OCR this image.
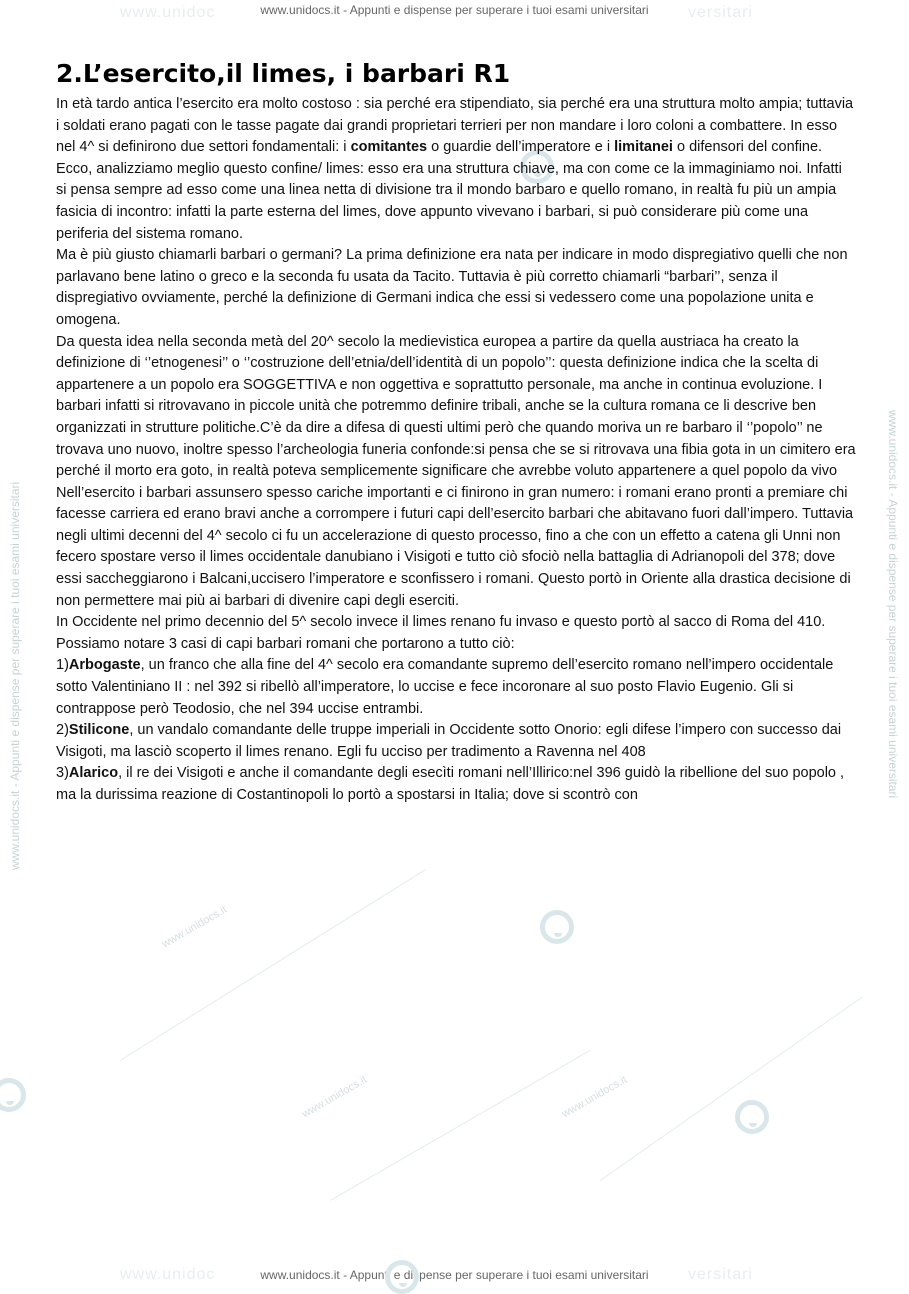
www.unidoc	versitari
www.unidocs.it - Appunti e dispense per superare i tuoi esami universitari
www.unidoc	versitari
www.unidocs.it - Appunti e dispense per superare i tuoi esami universitari
www.unidocs.it - Appunti e dispense per superare i tuoi esami universitari	www.unidocs.it - Appunti e dispense per superare i tuoi esami universitari
www.unidocs.it
www.unidocs.it
www.unidocs.it
2.L’esercito,il limes, i barbari R1

In età tardo antica l’esercito era molto costoso : sia perché era stipendiato, sia perché era una struttura molto ampia; tuttavia i soldati erano pagati con le tasse pagate dai grandi proprietari terrieri per non mandare i loro coloni a combattere. In esso nel 4^ si definirono due settori fondamentali: i comitantes o guardie dell’imperatore e i limitanei o difensori del confine.

Ecco, analizziamo meglio questo confine/ limes: esso era una struttura chiave, ma con come ce la immaginiamo noi. Infatti si pensa sempre ad esso come una linea netta di divisione tra il mondo barbaro e quello romano, in realtà fu più un ampia fasicia di incontro: infatti la parte esterna del limes, dove appunto vivevano i barbari, si può considerare più come una periferia del sistema romano.

Ma è più giusto chiamarli barbari o germani? La prima definizione era nata per indicare in modo dispregiativo quelli che non parlavano bene latino o greco e la seconda fu usata da Tacito. Tuttavia è più corretto chiamarli “barbari’’, senza il dispregiativo ovviamente, perché la definizione di Germani indica che essi si vedessero come una popolazione unita e omogena.

Da questa idea nella seconda metà del 20^ secolo la medievistica europea a partire da quella austriaca ha creato la definizione di ‘’etnogenesi’’ o ‘’costruzione dell’etnia/dell’identità di un popolo’’: questa definizione indica che la scelta di appartenere a un popolo era SOGGETTIVA e non oggettiva e soprattutto personale, ma anche in continua evoluzione. I barbari infatti si ritrovavano in piccole unità che potremmo definire tribali, anche se la cultura romana ce li descrive ben organizzati in strutture politiche.C’è da dire a difesa di questi ultimi però che quando moriva un re barbaro il ‘’popolo’’ ne trovava uno nuovo, inoltre spesso l’archeologia funeria confonde:si pensa che se si ritrovava una fibia gota in un cimitero era perché il morto era goto, in realtà poteva semplicemente significare che avrebbe voluto appartenere a quel popolo da vivo

Nell’esercito i barbari assunsero spesso cariche importanti e ci finirono in gran numero: i romani erano pronti a premiare chi facesse carriera ed erano bravi anche a corrompere i futuri capi dell’esercito barbari che abitavano fuori dall’impero. Tuttavia negli ultimi decenni del 4^ secolo ci fu un accelerazione di questo processo, fino a che con un effetto a catena gli Unni non fecero spostare verso il limes occidentale danubiano i Visigoti e tutto ciò sfociò nella battaglia di Adrianopoli del 378; dove essi saccheggiarono i Balcani,uccisero l’imperatore e sconfissero i romani. Questo portò in Oriente alla drastica decisione di non permettere mai più ai barbari di divenire capi degli eserciti.

In Occidente nel primo decennio del 5^ secolo invece il limes renano fu invaso e questo portò al sacco di Roma del 410. Possiamo notare 3 casi di capi barbari romani che portarono a tutto ciò:

1)Arbogaste, un franco che alla fine del 4^ secolo era comandante supremo dell’esercito romano nell’impero occidentale sotto Valentiniano II : nel 392 si ribellò all’imperatore, lo uccise e fece incoronare al suo posto Flavio Eugenio. Gli si contrappose però Teodosio, che nel 394 uccise entrambi.

2)Stilicone, un vandalo comandante delle truppe imperiali in Occidente sotto Onorio: egli difese l’impero con successo dai Visigoti, ma lasciò scoperto il limes renano. Egli fu ucciso per tradimento a Ravenna nel 408

3)Alarico, il re dei Visigoti e anche il comandante degli esecìti romani nell’Illirico:nel 396 guidò la ribellione del suo popolo , ma la durissima reazione di Costantinopoli lo portò a spostarsi in Italia; dove si scontrò con
